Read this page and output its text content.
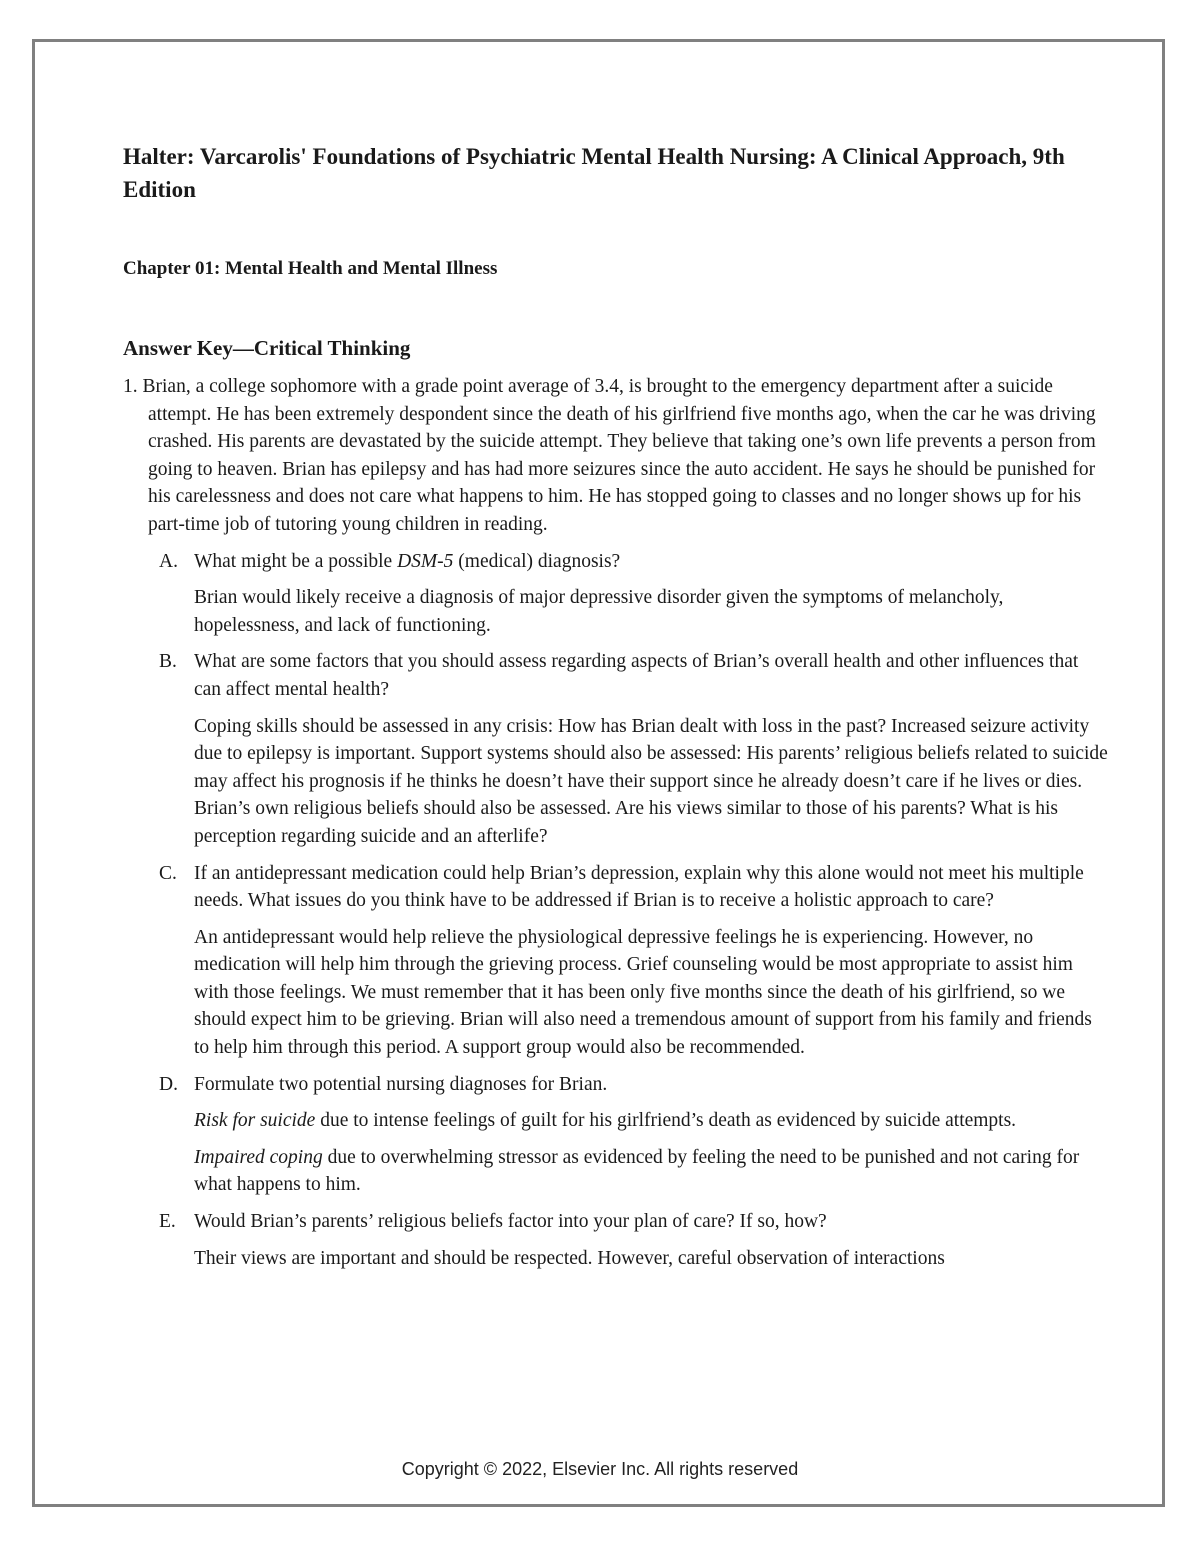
Halter: Varcarolis' Foundations of Psychiatric Mental Health Nursing: A Clinical Approach, 9th Edition
Chapter 01: Mental Health and Mental Illness
Answer Key—Critical Thinking

1. Brian, a college sophomore with a grade point average of 3.4, is brought to the emergency department after a suicide attempt. He has been extremely despondent since the death of his girlfriend five months ago, when the car he was driving crashed. His parents are devastated by the suicide attempt. They believe that taking one’s own life prevents a person from going to heaven. Brian has epilepsy and has had more seizures since the auto accident. He says he should be punished for his carelessness and does not care what happens to him. He has stopped going to classes and no longer shows up for his part-time job of tutoring young children in reading.

A. What might be a possible DSM-5 (medical) diagnosis?

Brian would likely receive a diagnosis of major depressive disorder given the symptoms of melancholy, hopelessness, and lack of functioning.

B. What are some factors that you should assess regarding aspects of Brian’s overall health and other influences that can affect mental health?

Coping skills should be assessed in any crisis: How has Brian dealt with loss in the past? Increased seizure activity due to epilepsy is important. Support systems should also be assessed: His parents’ religious beliefs related to suicide may affect his prognosis if he thinks he doesn’t have their support since he already doesn’t care if he lives or dies. Brian’s own religious beliefs should also be assessed. Are his views similar to those of his parents? What is his perception regarding suicide and an afterlife?

C. If an antidepressant medication could help Brian’s depression, explain why this alone would not meet his multiple needs. What issues do you think have to be addressed if Brian is to receive a holistic approach to care?

An antidepressant would help relieve the physiological depressive feelings he is experiencing. However, no medication will help him through the grieving process. Grief counseling would be most appropriate to assist him with those feelings. We must remember that it has been only five months since the death of his girlfriend, so we should expect him to be grieving. Brian will also need a tremendous amount of support from his family and friends to help him through this period. A support group would also be recommended.

D. Formulate two potential nursing diagnoses for Brian.

Risk for suicide due to intense feelings of guilt for his girlfriend’s death as evidenced by suicide attempts.

Impaired coping due to overwhelming stressor as evidenced by feeling the need to be punished and not caring for what happens to him.

E. Would Brian’s parents’ religious beliefs factor into your plan of care? If so, how?

Their views are important and should be respected. However, careful observation of interactions

Copyright © 2022, Elsevier Inc. All rights reserved
